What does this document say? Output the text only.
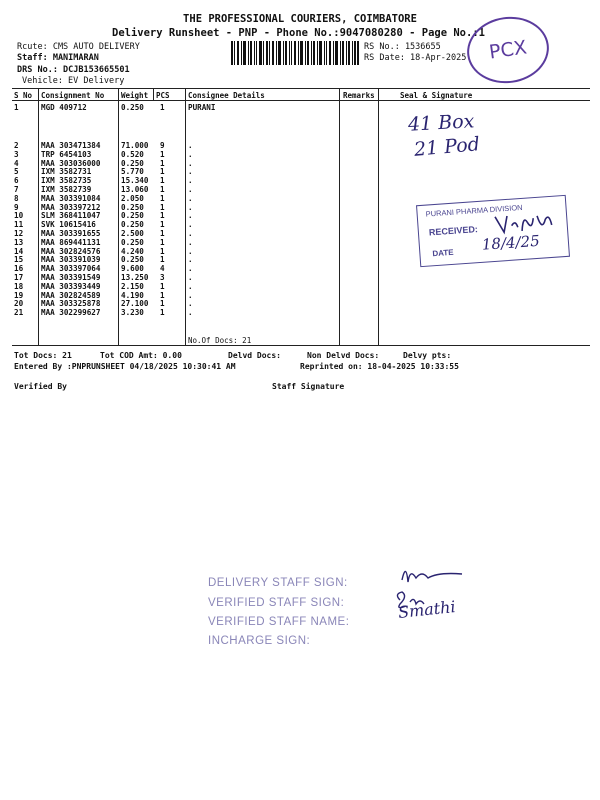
THE PROFESSIONAL COURIERS, COIMBATORE
Delivery Runsheet - PNP - Phone No.:9047080280 - Page No.:1
Rcute: CMS AUTO DELIVERY
Staff: MANIMARAN
DRS No.: DCJB153665501
Vehicle: EV Delivery
RS No.: 1536655
RS Date: 18-Apr-2025	PCX
S No Consignment No Weight PCS Consignee Details	Remarks	Seal & Signature
1	MGD 409712	0.250 1	PURANI
2	MAA 303471384	71.000 9	.
3	TRP 6454103	0.520 1	.
4	MAA 303036000	0.250 1	.
5	IXM 3582731	5.770 1	.
6	IXM 3582735	15.340 1	.
7	IXM 3582739	13.060 1	.
8	MAA 303391084	2.050 1	.
9	MAA 303397212	0.250 1	.
10 SLM 368411047	0.250 1	.
11 SVK 10615416	0.250 1	.
12 MAA 303391655	2.500 1	.
13 MAA 869441131	0.250 1	.
14 MAA 302824576	4.240 1	.
15 MAA 303391039	0.250 1	.
16 MAA 303397064	9.600 4	.
17 MAA 303391549	13.250 3	.
18 MAA 303393449	2.150 1	.
19 MAA 302824589	4.190 1	.
20 MAA 303325878	27.100 1	.
21 MAA 302299627	3.230 1	.
No.Of Docs: 21
Tot Docs: 21	Tot COD Amt: 0.00	Delvd Docs:	Non Delvd Docs:	Delvy pts:
Entered By :PNPRUNSHEET 04/18/2025 10:30:41 AM	Reprinted on: 18-04-2025 10:33:55
Verified By	Staff Signature
41 Box
21 Pod
PURANI PHARMA DIVISION
RECEIVED:
DATE 18/4/25
DELIVERY STAFF SIGN:
VERIFIED STAFF SIGN:
VERIFIED STAFF NAME:
INCHARGE SIGN:
Smathi
